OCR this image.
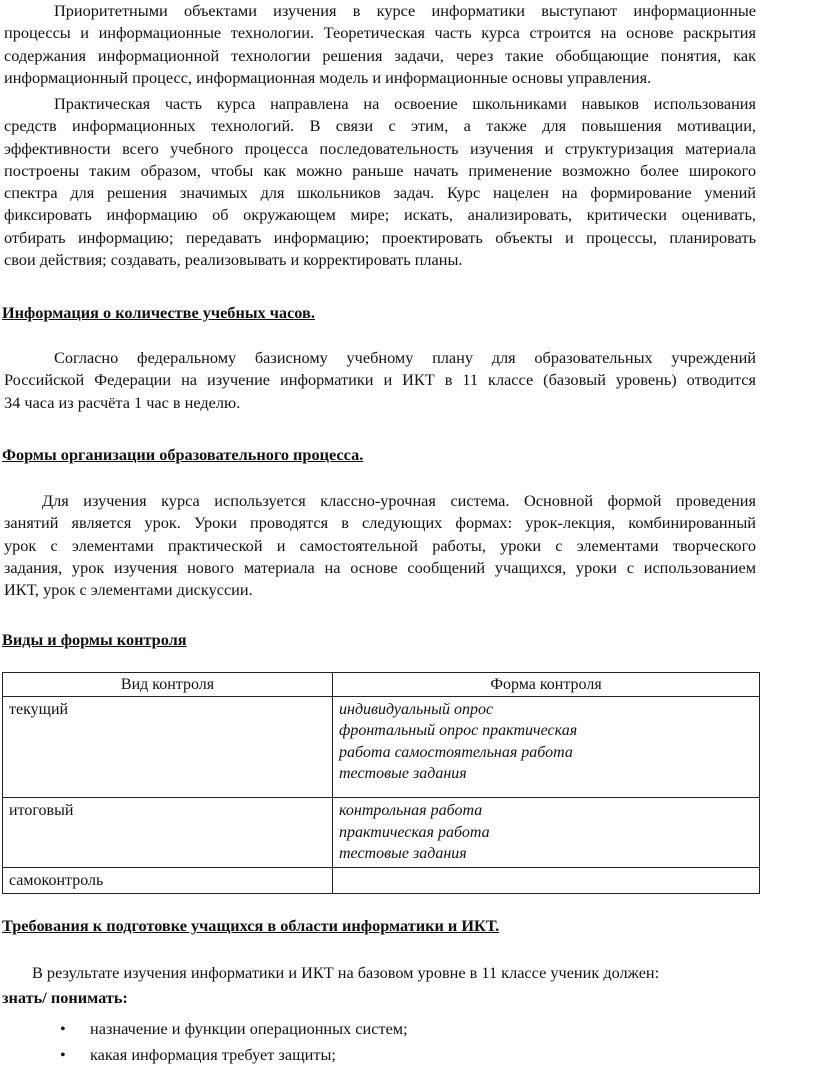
Приоритетными объектами изучения в курсе информатики выступают информационные
процессы и информационные технологии. Теоретическая часть курса строится на основе раскрытия
содержания информационной технологии решения задачи, через такие обобщающие понятия, как
информационный процесс, информационная модель и информационные основы управления.
Практическая часть курса направлена на освоение школьниками навыков использования
средств информационных технологий. В связи с этим, а также для повышения мотивации,
эффективности всего учебного процесса последовательность изучения и структуризация материала
построены таким образом, чтобы как можно раньше начать применение возможно более широкого
спектра для решения значимых для школьников задач. Курс нацелен на формирование умений
фиксировать информацию об окружающем мире; искать, анализировать, критически оценивать,
отбирать информацию; передавать информацию; проектировать объекты и процессы, планировать
свои действия; создавать, реализовывать и корректировать планы.
Информация о количестве учебных часов.
Согласно федеральному базисному учебному плану для образовательных учреждений
Российской Федерации на изучение информатики и ИКТ в 11 классе (базовый уровень) отводится
34 часа из расчёта 1 час в неделю.
Формы организации образовательного процесса.
Для изучения курса используется классно-урочная система. Основной формой проведения
занятий является урок. Уроки проводятся в следующих формах: урок-лекция, комбинированный
урок с элементами практической и самостоятельной работы, уроки с элементами творческого
задания, урок изучения нового материала на основе сообщений учащихся, уроки с использованием
ИКТ, урок с элементами дискуссии.
Виды и формы контроля
Вид контроля	Форма контроля
текущий	индивидуальный опрос
фронтальный опрос практическая
работа самостоятельная работа
тестовые задания

итоговый	контрольная работа
практическая работа
тестовые задания

самоконтроль	
Требования к подготовке учащихся в области информатики и ИКТ.
В результате изучения информатики и ИКТ на базовом уровне в 11 классе ученик должен:
знать/ понимать:
• назначение и функции операционных систем;
• какая информация требует защиты;
